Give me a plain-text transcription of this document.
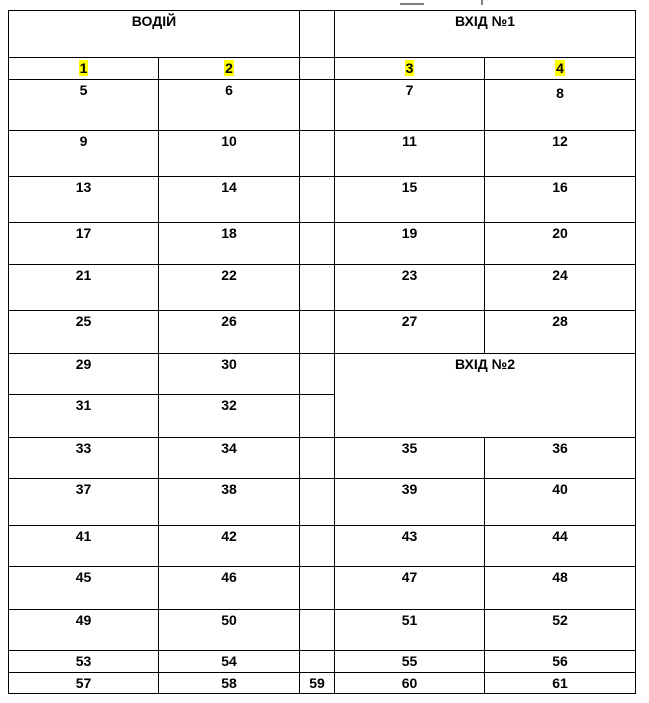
ВОДІЙ			ВХІД №1	
1	2		3	4
5	6		7	8
9	10		11	12
13	14		15	16
17	18		19	20
21	22		23	24
25	26		27	28
29	30		ВХІД №2	
31	32			
33	34		35	36
37	38		39	40
41	42		43	44
45	46		47	48
49	50		51	52
53	54		55	56
57	58	59	60	61
